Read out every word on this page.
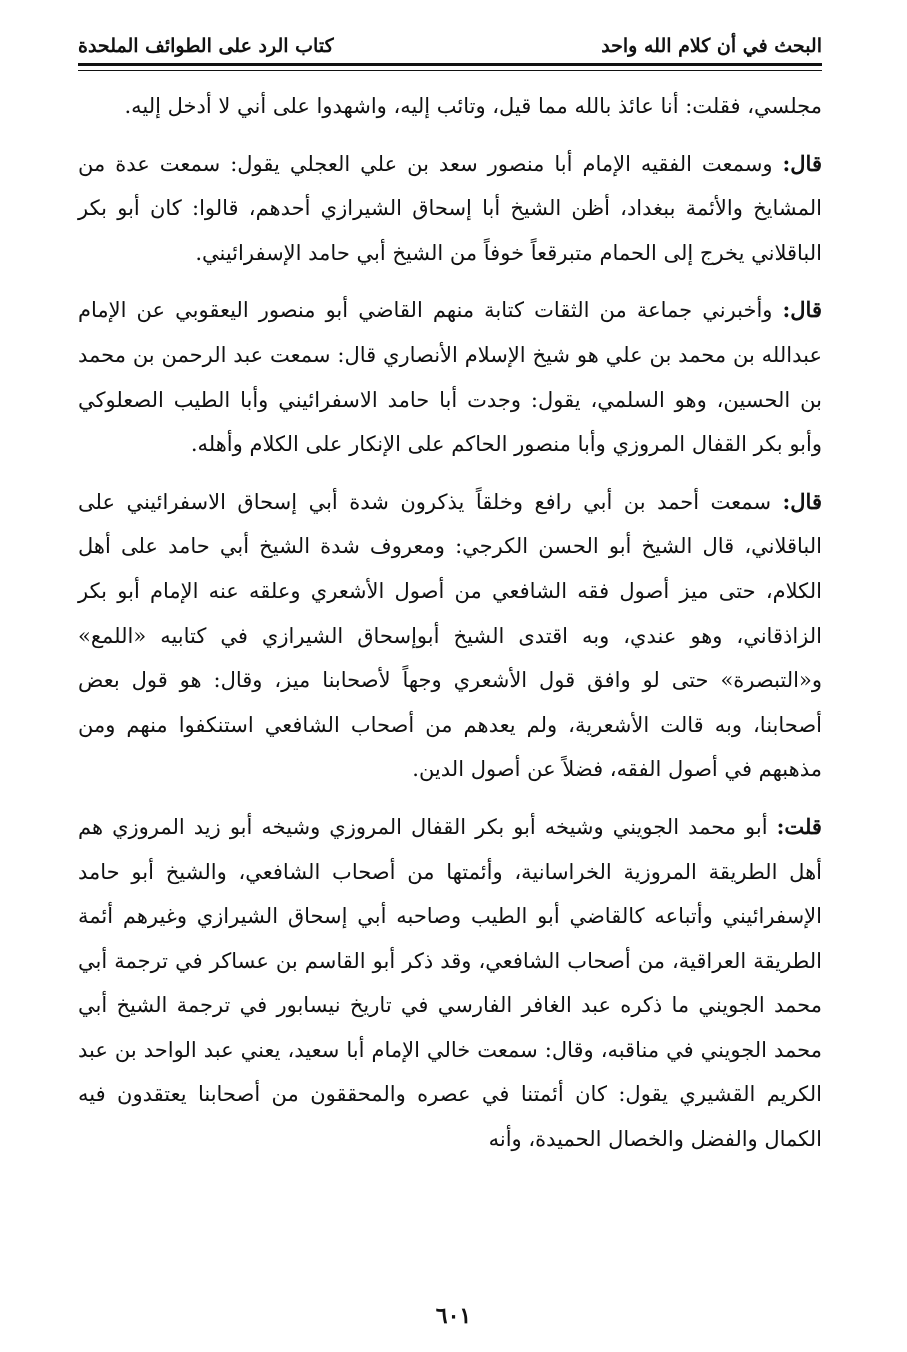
البحث في أن كلام الله واحد
كتاب الرد على الطوائف الملحدة

مجلسي، فقلت: أنا عائذ بالله مما قيل، وتائب إليه، واشهدوا على أني لا أدخل إليه.

قال: وسمعت الفقيه الإمام أبا منصور سعد بن علي العجلي يقول: سمعت عدة من المشايخ والأئمة ببغداد، أظن الشيخ أبا إسحاق الشيرازي أحدهم، قالوا: كان أبو بكر الباقلاني يخرج إلى الحمام متبرقعاً خوفاً من الشيخ أبي حامد الإسفرائيني.

قال: وأخبرني جماعة من الثقات كتابة منهم القاضي أبو منصور اليعقوبي عن الإمام عبدالله بن محمد بن علي هو شيخ الإسلام الأنصاري قال: سمعت عبد الرحمن بن محمد بن الحسين، وهو السلمي، يقول: وجدت أبا حامد الاسفرائيني وأبا الطيب الصعلوكي وأبو بكر القفال المروزي وأبا منصور الحاكم على الإنكار على الكلام وأهله.

قال: سمعت أحمد بن أبي رافع وخلقاً يذكرون شدة أبي إسحاق الاسفرائيني على الباقلاني، قال الشيخ أبو الحسن الكرجي: ومعروف شدة الشيخ أبي حامد على أهل الكلام، حتى ميز أصول فقه الشافعي من أصول الأشعري وعلقه عنه الإمام أبو بكر الزاذقاني، وهو عندي، وبه اقتدى الشيخ أبوإسحاق الشيرازي في كتابيه «اللمع» و«التبصرة» حتى لو وافق قول الأشعري وجهاً لأصحابنا ميز، وقال: هو قول بعض أصحابنا، وبه قالت الأشعرية، ولم يعدهم من أصحاب الشافعي استنكفوا منهم ومن مذهبهم في أصول الفقه، فضلاً عن أصول الدين.

قلت: أبو محمد الجويني وشيخه أبو بكر القفال المروزي وشيخه أبو زيد المروزي هم أهل الطريقة المروزية الخراسانية، وأئمتها من أصحاب الشافعي، والشيخ أبو حامد الإسفرائيني وأتباعه كالقاضي أبو الطيب وصاحبه أبي إسحاق الشيرازي وغيرهم أئمة الطريقة العراقية، من أصحاب الشافعي، وقد ذكر أبو القاسم بن عساكر في ترجمة أبي محمد الجويني ما ذكره عبد الغافر الفارسي في تاريخ نيسابور في ترجمة الشيخ أبي محمد الجويني في مناقبه، وقال: سمعت خالي الإمام أبا سعيد، يعني عبد الواحد بن عبد الكريم القشيري يقول: كان أئمتنا في عصره والمحققون من أصحابنا يعتقدون فيه الكمال والفضل والخصال الحميدة، وأنه

٦٠١
